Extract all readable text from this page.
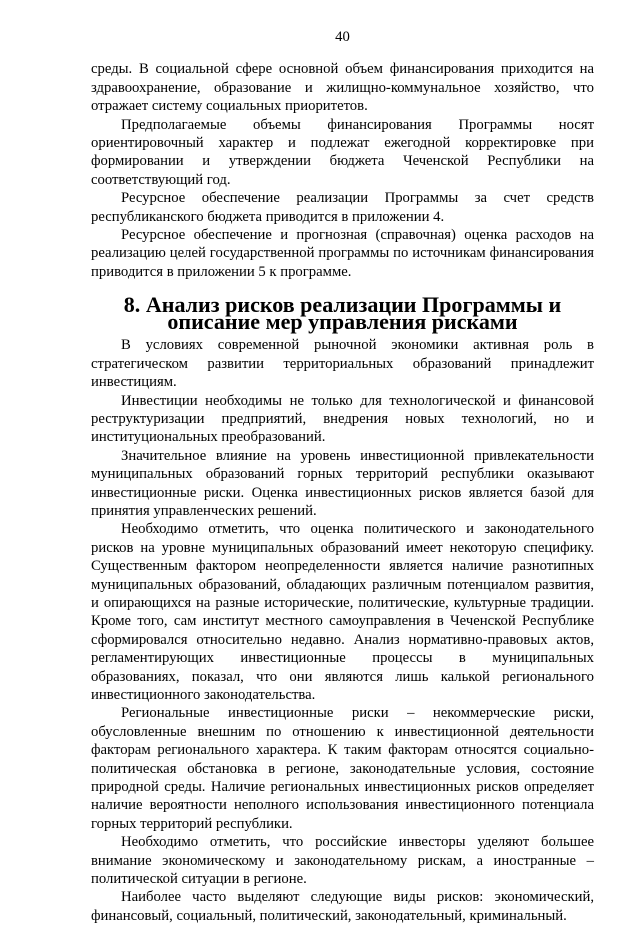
40

среды. В социальной сфере основной объем финансирования приходится на здравоохранение, образование и жилищно-коммунальное хозяйство, что отражает систему социальных приоритетов.

Предполагаемые объемы финансирования Программы носят ориентировочный характер и подлежат ежегодной корректировке при формировании и утверждении бюджета Чеченской Республики на соответствующий год.

Ресурсное обеспечение реализации Программы за счет средств республиканского бюджета приводится в приложении 4.

Ресурсное обеспечение и прогнозная (справочная) оценка расходов на реализацию целей государственной программы по источникам финансирования приводится в приложении 5 к программе.

8. Анализ рисков реализации Программы и описание мер управления рисками

В условиях современной рыночной экономики активная роль в стратегическом развитии территориальных образований принадлежит инвестициям.

Инвестиции необходимы не только для технологической и финансовой реструктуризации предприятий, внедрения новых технологий, но и институциональных преобразований.

Значительное влияние на уровень инвестиционной привлекательности муниципальных образований горных территорий республики оказывают инвестиционные риски. Оценка инвестиционных рисков является базой для принятия управленческих решений.

Необходимо отметить, что оценка политического и законодательного рисков на уровне муниципальных образований имеет некоторую специфику. Существенным фактором неопределенности является наличие разнотипных муниципальных образований, обладающих различным потенциалом развития, и опирающихся на разные исторические, политические, культурные традиции. Кроме того, сам институт местного самоуправления в Чеченской Республике сформировался относительно недавно. Анализ нормативно-правовых актов, регламентирующих инвестиционные процессы в муниципальных образованиях, показал, что они являются лишь калькой регионального инвестиционного законодательства.

Региональные инвестиционные риски – некоммерческие риски, обусловленные внешним по отношению к инвестиционной деятельности факторам регионального характера. К таким факторам относятся социально-политическая обстановка в регионе, законодательные условия, состояние природной среды. Наличие региональных инвестиционных рисков определяет наличие вероятности неполного использования инвестиционного потенциала горных территорий республики.

Необходимо отметить, что российские инвесторы уделяют большее внимание экономическому и законодательному рискам, а иностранные – политической ситуации в регионе.

Наиболее часто выделяют следующие виды рисков: экономический, финансовый, социальный, политический, законодательный, криминальный.
